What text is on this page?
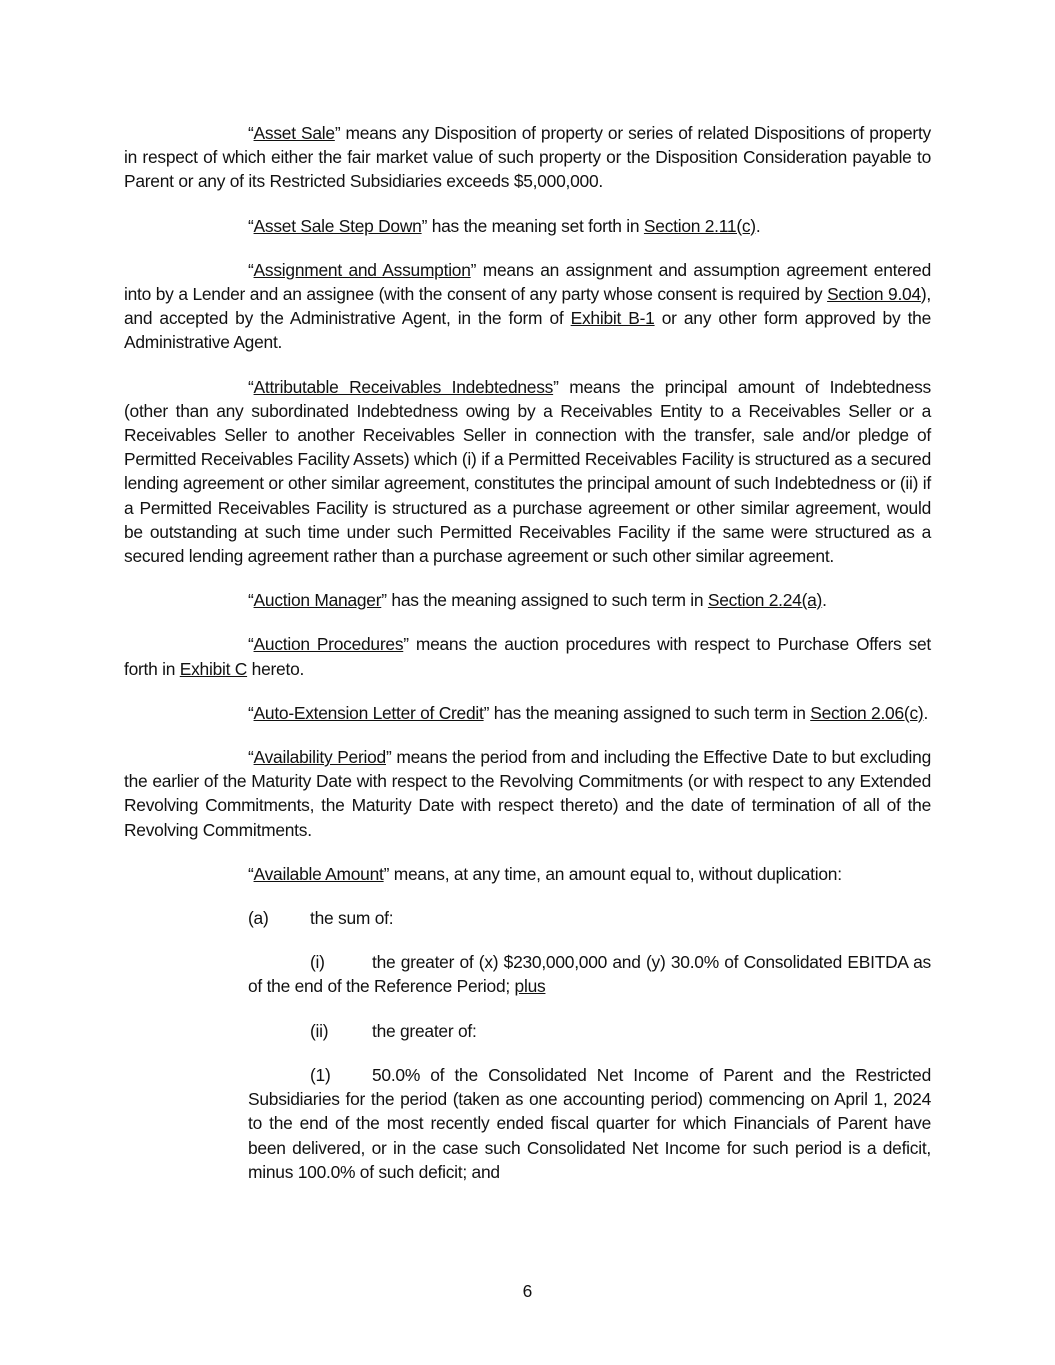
“Asset Sale” means any Disposition of property or series of related Dispositions of property in respect of which either the fair market value of such property or the Disposition Consideration payable to Parent or any of its Restricted Subsidiaries exceeds $5,000,000.

“Asset Sale Step Down” has the meaning set forth in Section 2.11(c).

“Assignment and Assumption” means an assignment and assumption agreement entered into by a Lender and an assignee (with the consent of any party whose consent is required by Section 9.04), and accepted by the Administrative Agent, in the form of Exhibit B-1 or any other form approved by the Administrative Agent.

“Attributable Receivables Indebtedness” means the principal amount of Indebtedness (other than any subordinated Indebtedness owing by a Receivables Entity to a Receivables Seller or a Receivables Seller to another Receivables Seller in connection with the transfer, sale and/or pledge of Permitted Receivables Facility Assets) which (i) if a Permitted Receivables Facility is structured as a secured lending agreement or other similar agreement, constitutes the principal amount of such Indebtedness or (ii) if a Permitted Receivables Facility is structured as a purchase agreement or other similar agreement, would be outstanding at such time under such Permitted Receivables Facility if the same were structured as a secured lending agreement rather than a purchase agreement or such other similar agreement.

“Auction Manager” has the meaning assigned to such term in Section 2.24(a).

“Auction Procedures” means the auction procedures with respect to Purchase Offers set forth in Exhibit C hereto.

“Auto-Extension Letter of Credit” has the meaning assigned to such term in Section 2.06(c).

“Availability Period” means the period from and including the Effective Date to but excluding the earlier of the Maturity Date with respect to the Revolving Commitments (or with respect to any Extended Revolving Commitments, the Maturity Date with respect thereto) and the date of termination of all of the Revolving Commitments.

“Available Amount” means, at any time, an amount equal to, without duplication:

(a) the sum of:

(i)	the greater of (x) $230,000,000 and (y) 30.0% of Consolidated EBITDA as of the end of the Reference Period; plus

(ii)	the greater of:

(1) 50.0% of the Consolidated Net Income of Parent and the Restricted Subsidiaries for the period (taken as one accounting period) commencing on April 1, 2024 to the end of the most recently ended fiscal quarter for which Financials of Parent have been delivered, or in the case such Consolidated Net Income for such period is a deficit, minus 100.0% of such deficit; and

6
